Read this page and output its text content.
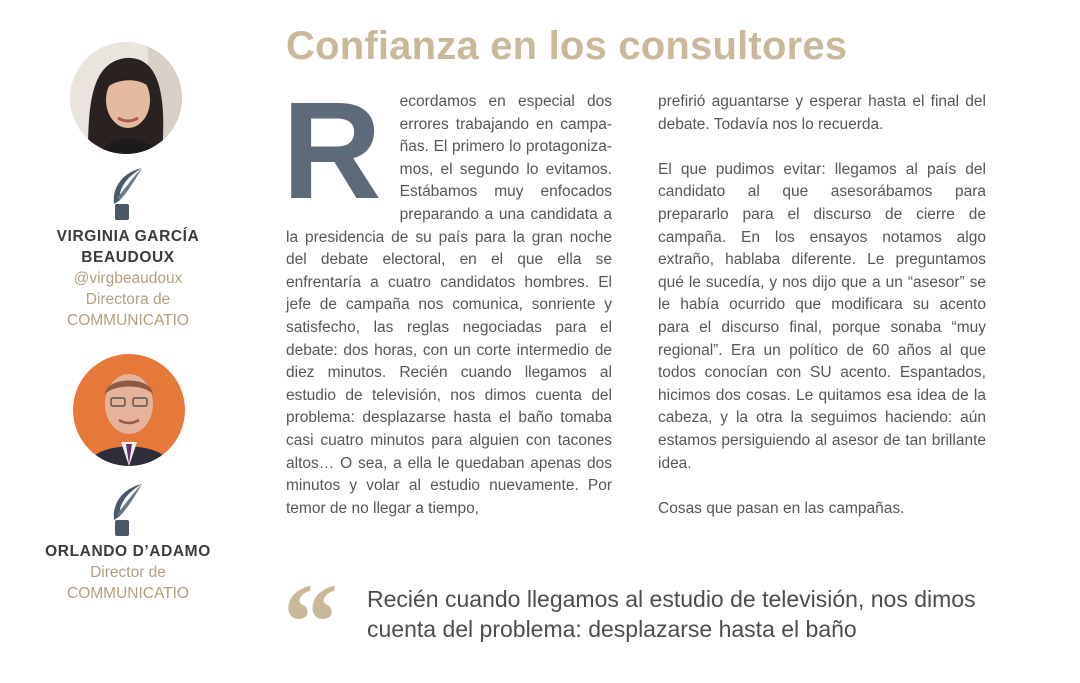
VIRGINIA GARCÍA BEAUDOUX
@virgbeaudoux
Directora de
COMMUNICATIO
ORLANDO D’ADAMO
Director de
COMMUNICATIO
Confianza en los consultores

R ecordamos en especial dos errores trabajando en campañas. El primero lo protagonizamos, el segundo lo evitamos. Estábamos muy enfocados preparando a una candidata a la presidencia de su país para la gran noche del debate electoral, en el que ella se enfrentaría a cuatro candidatos hombres. El jefe de campaña nos comunica, sonriente y satisfecho, las reglas negociadas para el debate: dos horas, con un corte intermedio de diez minutos. Recién cuando llegamos al estudio de televisión, nos dimos cuenta del problema: desplazarse hasta el baño tomaba casi cuatro minutos para alguien con tacones altos… O sea, a ella le quedaban apenas dos minutos y volar al estudio nuevamente. Por temor de no llegar a tiempo,

prefirió aguantarse y esperar hasta el final del debate. Todavía nos lo recuerda.

El que pudimos evitar: llegamos al país del candidato al que asesorábamos para prepararlo para el discurso de cierre de campaña. En los ensayos notamos algo extraño, hablaba diferente. Le preguntamos qué le sucedía, y nos dijo que a un “asesor” se le había ocurrido que modificara su acento para el discurso final, porque sonaba “muy regional”. Era un político de 60 años al que todos conocían con SU acento. Espantados, hicimos dos cosas. Le quitamos esa idea de la cabeza, y la otra la seguimos haciendo: aún estamos persiguiendo al asesor de tan brillante idea.

Cosas que pasan en las campañas.

“ Recién cuando llegamos al estudio de televisión, nos dimos cuenta del problema: desplazarse hasta el baño
